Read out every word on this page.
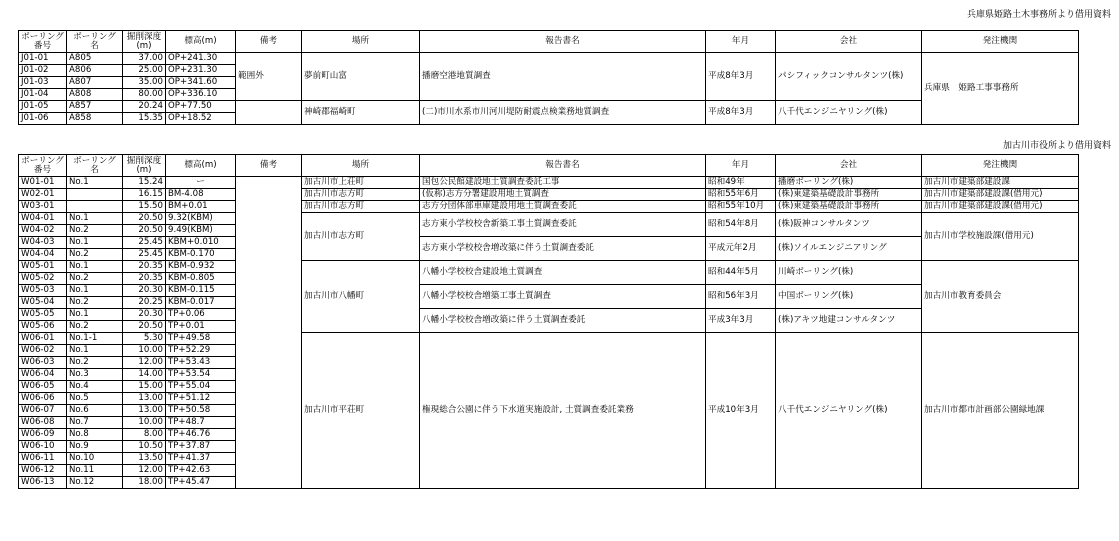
兵庫県姫路土木事務所より借用資料
ボーリング番号	ボーリング名	掘削深度(m)	標高(m)	備考	場所	報告書名	年月	会社	発注機関
J01-01	A805	37.00	OP+241.30	範囲外	夢前町山富	播磨空港地質調査	平成8年3月	パシフィックコンサルタンツ(株)	兵庫県　姫路工事事務所
J01-02	A806	25.00	OP+231.30						
J01-03	A807	35.00	OP+341.60						
J01-04	A808	80.00	OP+336.10						
J01-05	A857	20.24	OP+77.50		神崎郡福崎町	(二)市川水系市川河川堤防耐震点検業務地質調査	平成8年3月	八千代エンジニヤリング(株)	
J01-06	A858	15.35	OP+18.52						
加古川市役所より借用資料
ボーリング番号	ボーリング名	掘削深度(m)	標高(m)	備考	場所	報告書名	年月	会社	発注機関
W01-01	No.1	15.24	ー		加古川市上荘町	国包公民館建設地土質調査委託工事	昭和49年	播磨ボーリング(株)	加古川市建築部建設課
W02-01		16.15	BM-4.08		加古川市志方町	(仮称)志方分署建設用地土質調査	昭和55年6月	(株)東建築基礎設計事務所	加古川市建築部建設課(借用元)
W03-01		15.50	BM+0.01		加古川市志方町	志方分団体部車庫建設用地土質調査委託	昭和55年10月	(株)東建築基礎設計事務所	加古川市建築部建設課(借用元)
W04-01	No.1	20.50	9.32(KBM)		加古川市志方町	志方東小学校校舎新築工事土質調査委託	昭和54年8月	(株)阪神コンサルタンツ	加古川市学校施設課(借用元)
W04-02	No.2	20.50	9.49(KBM)						
W04-03	No.1	25.45	KBM+0.010			志方東小学校校舎増改築に伴う土質調査委託	平成元年2月	(株)ソイルエンジニアリング	
W04-04	No.2	25.45	KBM-0.170						
W05-01	No.1	20.35	KBM-0.932		加古川市八幡町	八幡小学校校舎建設地土質調査	昭和44年5月	川崎ボーリング(株)	加古川市教育委員会
W05-02	No.2	20.35	KBM-0.805						
W05-03	No.1	20.30	KBM-0.115			八幡小学校校舎増築工事土質調査	昭和56年3月	中国ボーリング(株)	
W05-04	No.2	20.25	KBM-0.017						
W05-05	No.1	20.30	TP+0.06			八幡小学校校舎増改築に伴う土質調査委託	平成3年3月	(株)アキツ地建コンサルタンツ	
W05-06	No.2	20.50	TP+0.01						
W06-01	No.1-1	5.30	TP+49.58		加古川市平荘町	権現総合公園に伴う下水道実施設計, 土質調査委託業務	平成10年3月	八千代エンジニヤリング(株)	加古川市都市計画部公園緑地課
W06-02	No.1	10.00	TP+52.29						
W06-03	No.2	12.00	TP+53.43						
W06-04	No.3	14.00	TP+53.54						
W06-05	No.4	15.00	TP+55.04						
W06-06	No.5	13.00	TP+51.12						
W06-07	No.6	13.00	TP+50.58						
W06-08	No.7	10.00	TP+48.7						
W06-09	No.8	8.00	TP+46.76						
W06-10	No.9	10.50	TP+37.87						
W06-11	No.10	13.50	TP+41.37						
W06-12	No.11	12.00	TP+42.63						
W06-13	No.12	18.00	TP+45.47						
